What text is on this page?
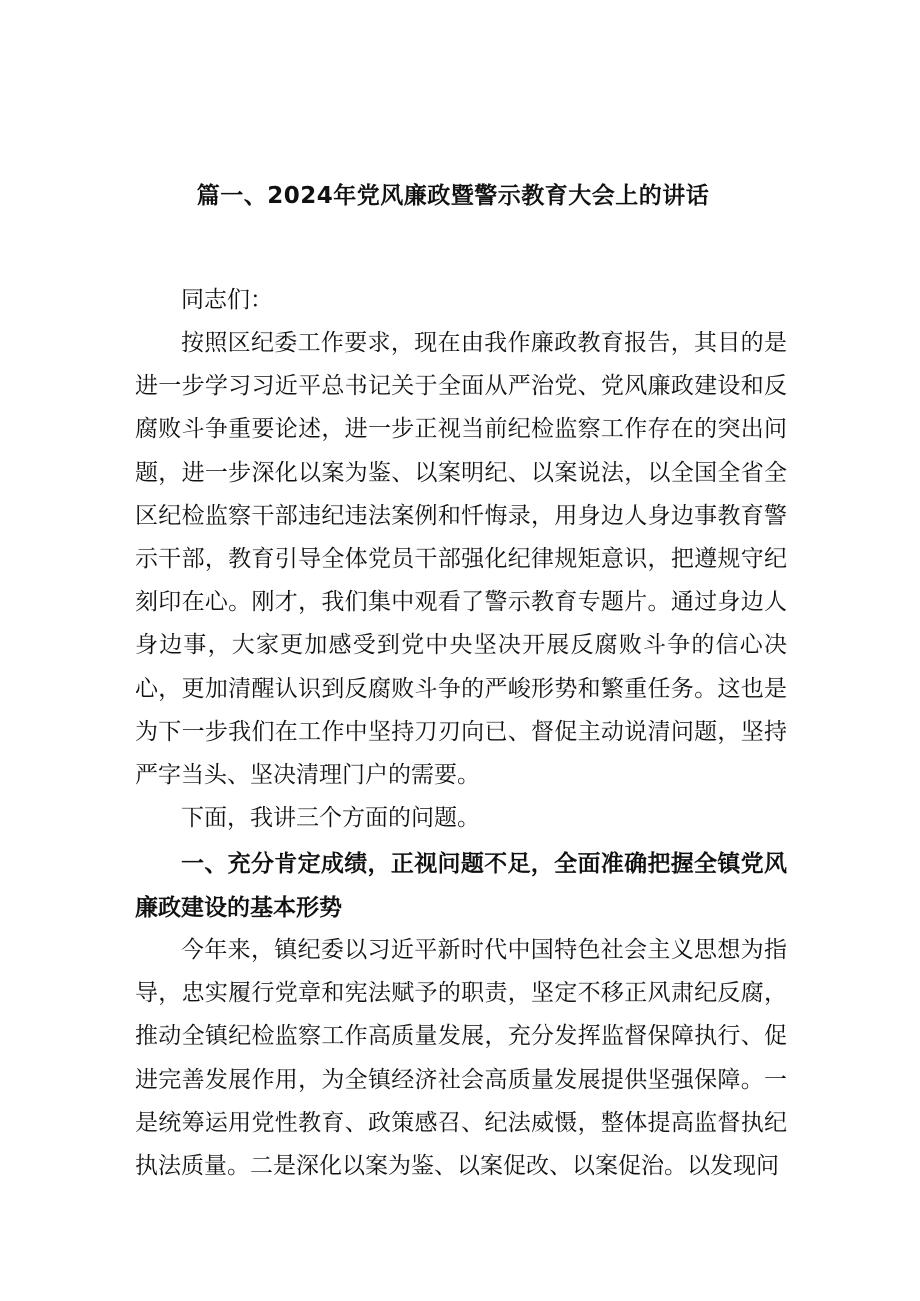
篇一、2024年党风廉政暨警示教育大会上的讲话

同志们：

按照区纪委工作要求，现在由我作廉政教育报告，其目的是进一步学习习近平总书记关于全面从严治党、党风廉政建设和反腐败斗争重要论述，进一步正视当前纪检监察工作存在的突出问题，进一步深化以案为鉴、以案明纪、以案说法，以全国全省全区纪检监察干部违纪违法案例和忏悔录，用身边人身边事教育警示干部，教育引导全体党员干部强化纪律规矩意识，把遵规守纪刻印在心。刚才，我们集中观看了警示教育专题片。通过身边人身边事，大家更加感受到党中央坚决开展反腐败斗争的信心决心，更加清醒认识到反腐败斗争的严峻形势和繁重任务。这也是为下一步我们在工作中坚持刀刃向已、督促主动说清问题，坚持严字当头、坚决清理门户的需要。

下面，我讲三个方面的问题。

一、充分肯定成绩，正视问题不足，全面准确把握全镇党风廉政建设的基本形势

今年来，镇纪委以习近平新时代中国特色社会主义思想为指导，忠实履行党章和宪法赋予的职责，坚定不移正风肃纪反腐，推动全镇纪检监察工作高质量发展，充分发挥监督保障执行、促进完善发展作用，为全镇经济社会高质量发展提供坚强保障。一是统筹运用党性教育、政策感召、纪法威慑，整体提高监督执纪执法质量。二是深化以案为鉴、以案促改、以案促治。以发现问
